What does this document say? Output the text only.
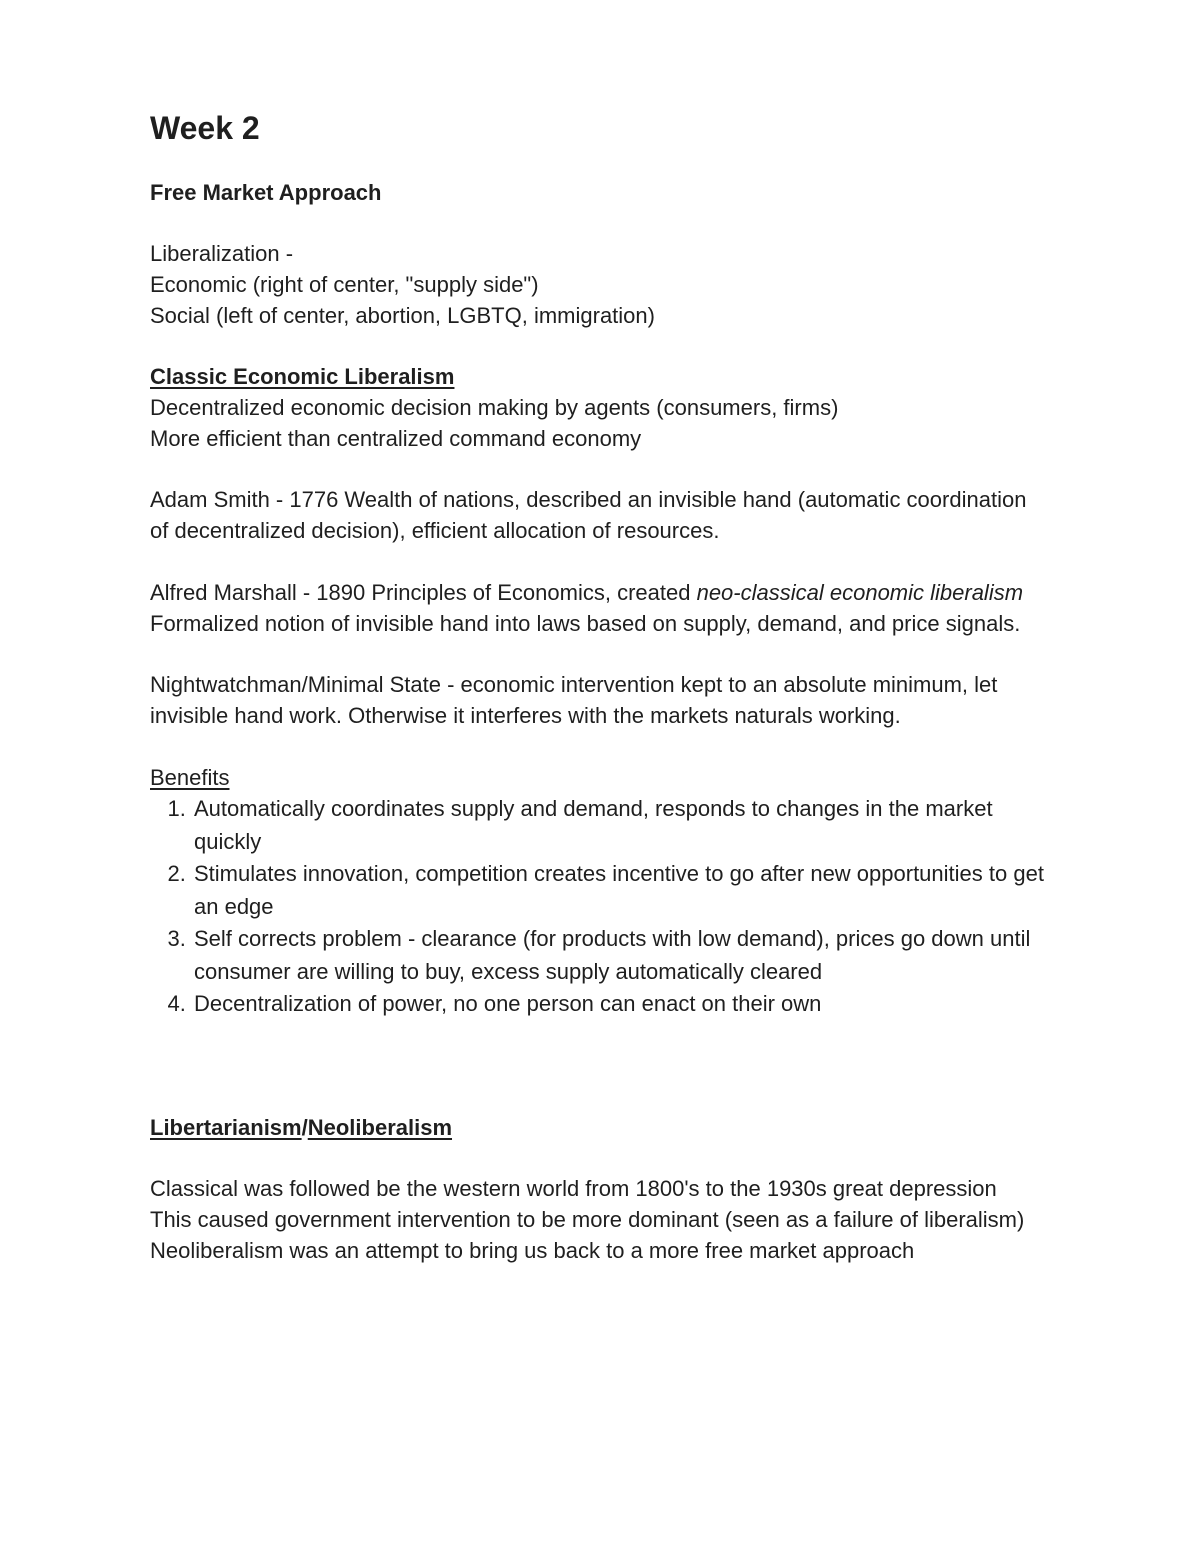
Week 2
Free Market Approach

Liberalization -

Economic (right of center, "supply side")

Social (left of center, abortion, LGBTQ, immigration)

Classic Economic Liberalism

Decentralized economic decision making by agents (consumers, firms)

More efficient than centralized command economy

Adam Smith - 1776 Wealth of nations, described an invisible hand (automatic coordination of decentralized decision), efficient allocation of resources.

Alfred Marshall - 1890 Principles of Economics, created neo-classical economic liberalism

Formalized notion of invisible hand into laws based on supply, demand, and price signals.

Nightwatchman/Minimal State - economic intervention kept to an absolute minimum, let invisible hand work. Otherwise it interferes with the markets naturals working.

Benefits

1. Automatically coordinates supply and demand, responds to changes in the market quickly
2. Stimulates innovation, competition creates incentive to go after new opportunities to get an edge
3. Self corrects problem - clearance (for products with low demand), prices go down until consumer are willing to buy, excess supply automatically cleared
4. Decentralization of power, no one person can enact on their own

Libertarianism/Neoliberalism

Classical was followed be the western world from 1800's to the 1930s great depression

This caused government intervention to be more dominant (seen as a failure of liberalism)

Neoliberalism was an attempt to bring us back to a more free market approach
